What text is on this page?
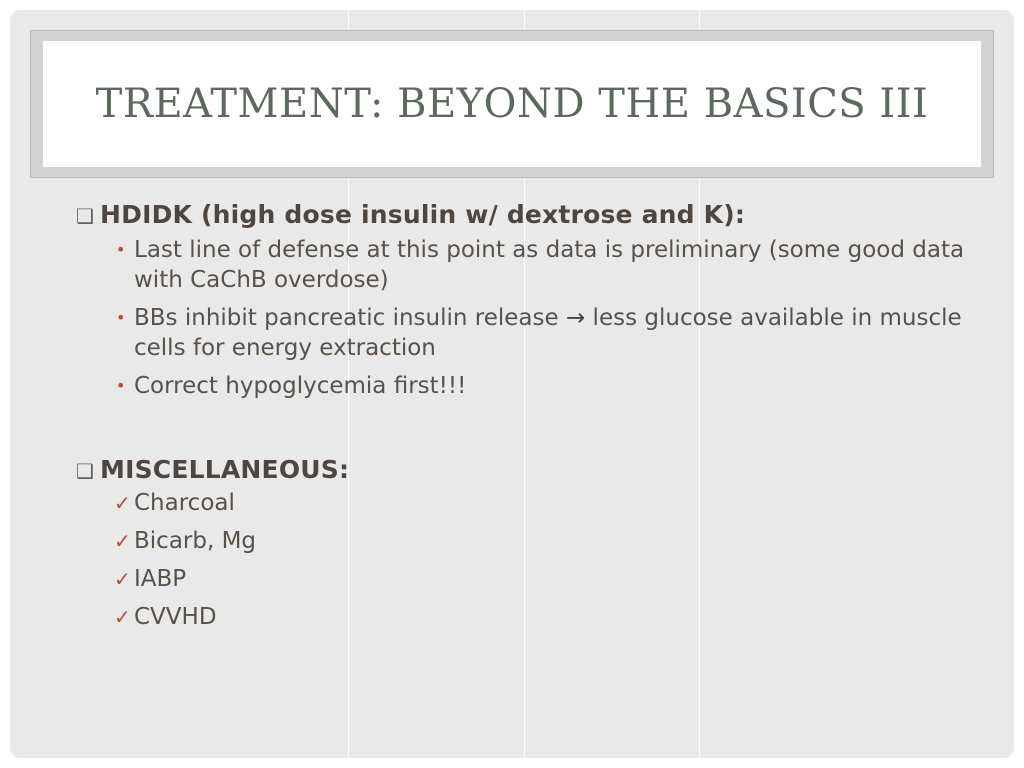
TREATMENT: BEYOND THE BASICS III
❑ HDIDK (high dose insulin w/ dextrose and K):
• Last line of defense at this point as data is preliminary (some good data with CaChB overdose)
• BBs inhibit pancreatic insulin release → less glucose available in muscle cells for energy extraction
• Correct hypoglycemia first!!!
❑ MISCELLANEOUS:
✓ Charcoal
✓ Bicarb, Mg
✓ IABP
✓ CVVHD
